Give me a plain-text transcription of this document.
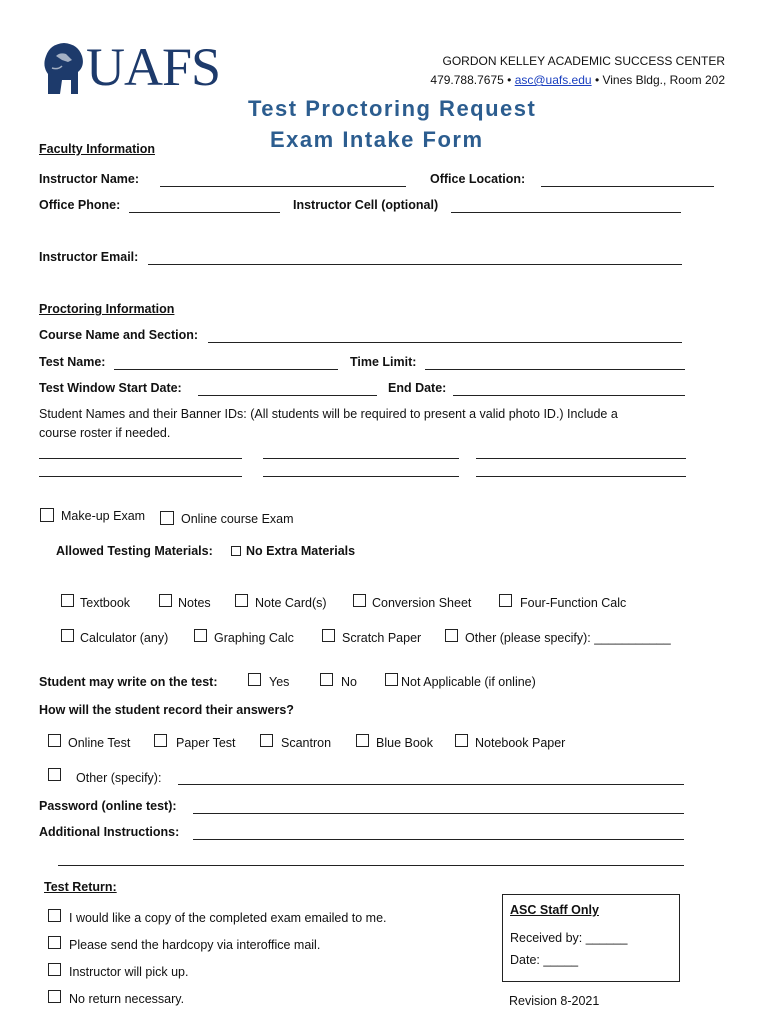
UAFS	GORDON KELLEY ACADEMIC SUCCESS CENTER
479.788.7675 • asc@uafs.edu • Vines Bldg., Room 202
Test Proctoring Request
Exam Intake Form
Faculty Information
Instructor Name:	Office Location:
Office Phone:	Instructor Cell (optional)
Instructor Email:
Proctoring Information
Course Name and Section:
Test Name:	Time Limit:
Test Window Start Date:	End Date:
Student Names and their Banner IDs: (All students will be required to present a valid photo ID.) Include a
course roster if needed.
Make-up Exam	Online course Exam
Allowed Testing Materials:	No Extra Materials
Textbook	Notes	Note Card(s)	Conversion Sheet	Four-Function Calc
Calculator (any)	Graphing Calc	Scratch Paper	Other (please specify): ___________
Student may write on the test:	Yes	No	Not Applicable (if online)
How will the student record their answers?
Online Test	Paper Test	Scantron	Blue Book	Notebook Paper
Other (specify):
Password (online test):
Additional Instructions:
Test Return:
I would like a copy of the completed exam emailed to me.
Please send the hardcopy via interoffice mail.
Instructor will pick up.
No return necessary.
ASC Staff Only
Received by: ______
Date: _____
Revision 8-2021
